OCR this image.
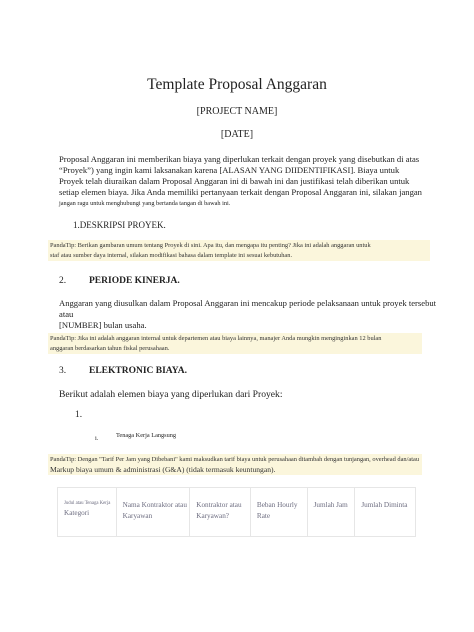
Template Proposal Anggaran
[PROJECT NAME]
[DATE]
Proposal Anggaran ini memberikan biaya yang diperlukan terkait dengan proyek yang disebutkan di atas
“Proyek”) yang ingin kami laksanakan karena [ALASAN YANG DIIDENTIFIKASI]. Biaya untuk
Proyek telah diuraikan dalam Proposal Anggaran ini di bawah ini dan justifikasi telah diberikan untuk
setiap elemen biaya. Jika Anda memiliki pertanyaan terkait dengan Proposal Anggaran ini, silakan jangan
jangan ragu untuk menghubungi yang bertanda tangan di bawah ini.
1.DESKRIPSI PROYEK.
PandaTip: Berikan gambaran umum tentang Proyek di sini. Apa itu, dan mengapa itu penting? Jika ini adalah anggaran untuk
staf atau sumber daya internal, silakan modifikasi bahasa dalam template ini sesuai kebutuhan.
2. PERIODE KINERJA.
Anggaran yang diusulkan dalam Proposal Anggaran ini mencakup periode pelaksanaan untuk proyek tersebut atau
[NUMBER] bulan usaha.
PandaTip: Jika ini adalah anggaran internal untuk departemen atau biaya lainnya, manajer Anda mungkin menginginkan 12 bulan
anggaran berdasarkan tahun fiskal perusahaan.
3. ELEKTRONIC BIAYA.
Berikut adalah elemen biaya yang diperlukan dari Proyek:
1.
i.	Tenaga Kerja Langsung
PandaTip: Dengan "Tarif Per Jam yang Dibebani" kami maksudkan tarif biaya untuk perusahaan ditambah dengan tunjangan, overhead dan/atau
Markup biaya umum & administrasi (G&A) (tidak termasuk keuntungan).
Judul atau Tenaga Kerja
Kategori
Nama Kontraktor atau Karyawan
Kontraktor atau Karyawan?
Beban Hourly Rate
Jumlah Jam	Jumlah Diminta
